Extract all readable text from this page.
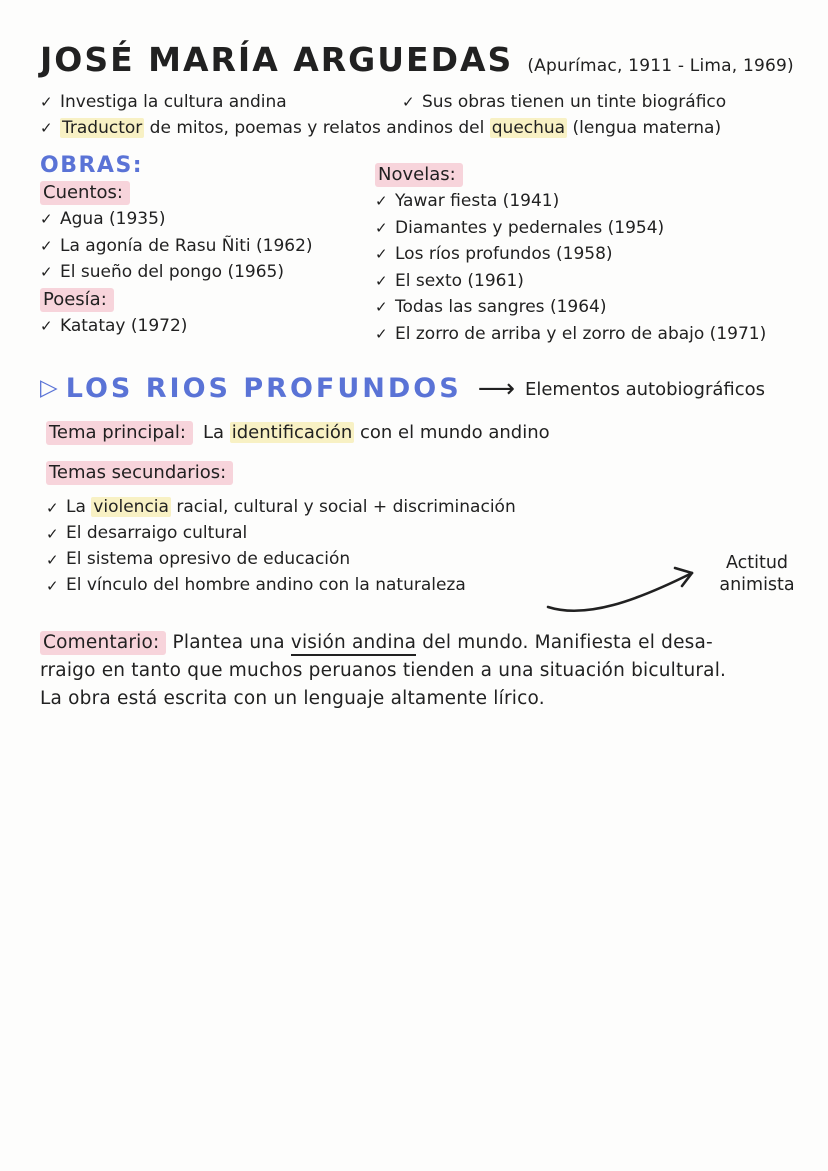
JOSÉ MARÍA ARGUEDAS (Apurímac, 1911 - Lima, 1969)
✓ Investiga la cultura andina	✓ Sus obras tienen un tinte biográfico
✓ Traductor de mitos, poemas y relatos andinos del quechua (lengua materna)
OBRAS:
Cuentos:
✓ Agua (1935)
✓ La agonía de Rasu Ñiti (1962)
✓ El sueño del pongo (1965)
Poesía:
✓ Katatay (1972)
Novelas:
✓ Yawar fiesta (1941)
✓ Diamantes y pedernales (1954)
✓ Los ríos profundos (1958)
✓ El sexto (1961)
✓ Todas las sangres (1964)
✓ El zorro de arriba y el zorro de abajo (1971)
▷ LOS RIOS PROFUNDOS ⟶ Elementos autobiográficos
Tema principal: La identificación con el mundo andino
Temas secundarios:
✓ La violencia racial, cultural y social + discriminación
✓ El desarraigo cultural
✓ El sistema opresivo de educación
✓ El vínculo del hombre andino con la naturaleza
Actitud
animista

Comentario: Plantea una visión andina del mundo. Manifiesta el desa-
rraigo en tanto que muchos peruanos tienden a una situación bicultural.
La obra está escrita con un lenguaje altamente lírico.
